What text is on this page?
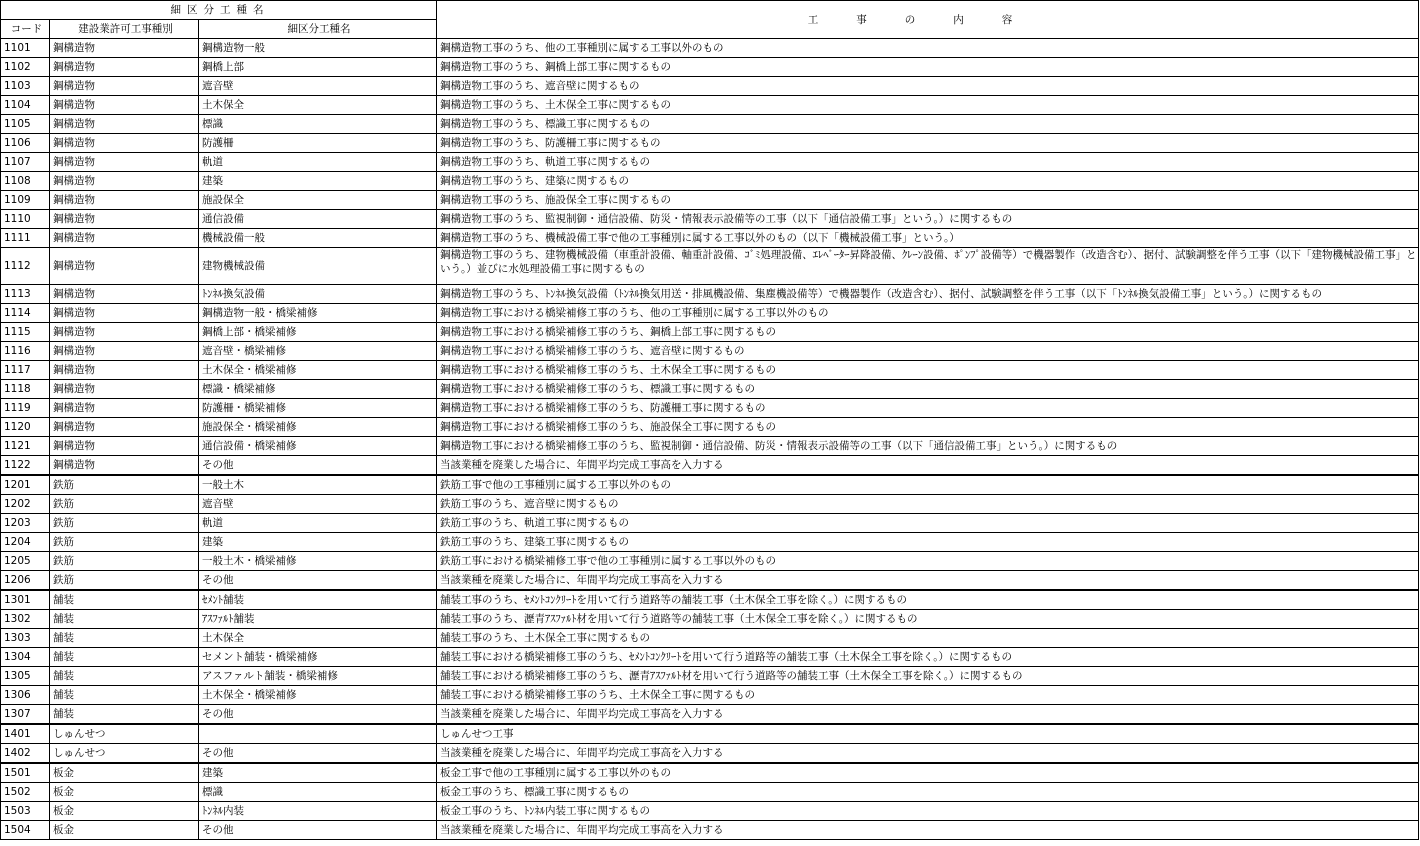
細区分工種名			工事の内容
コード	建設業許可工事種別	細区分工種名	
1101	鋼構造物	鋼構造物一般	鋼構造物工事のうち、他の工事種別に属する工事以外のもの
1102	鋼構造物	鋼橋上部	鋼構造物工事のうち、鋼橋上部工事に関するもの
1103	鋼構造物	遮音壁	鋼構造物工事のうち、遮音壁に関するもの
1104	鋼構造物	土木保全	鋼構造物工事のうち、土木保全工事に関するもの
1105	鋼構造物	標識	鋼構造物工事のうち、標識工事に関するもの
1106	鋼構造物	防護柵	鋼構造物工事のうち、防護柵工事に関するもの
1107	鋼構造物	軌道	鋼構造物工事のうち、軌道工事に関するもの
1108	鋼構造物	建築	鋼構造物工事のうち、建築に関するもの
1109	鋼構造物	施設保全	鋼構造物工事のうち、施設保全工事に関するもの
1110	鋼構造物	通信設備	鋼構造物工事のうち、監視制御・通信設備、防災・情報表示設備等の工事（以下「通信設備工事」という。）に関するもの
1111	鋼構造物	機械設備一般	鋼構造物工事のうち、機械設備工事で他の工事種別に属する工事以外のもの（以下「機械設備工事」という。）
1112	鋼構造物	建物機械設備	鋼構造物工事のうち、建物機械設備（車重計設備、軸重計設備、ｺﾞﾐ処理設備、ｴﾚﾍﾞｰﾀｰ昇降設備、ｸﾚｰﾝ設備、ﾎﾟﾝﾌﾟ設備等）で機器製作（改造含む）、据付、試験調整を伴う工事（以下「建物機械設備工事」という。）並びに水処理設備工事に関するもの
1113	鋼構造物	ﾄﾝﾈﾙ換気設備	鋼構造物工事のうち、ﾄﾝﾈﾙ換気設備（ﾄﾝﾈﾙ換気用送・排風機設備、集塵機設備等）で機器製作（改造含む）、据付、試験調整を伴う工事（以下「ﾄﾝﾈﾙ換気設備工事」という。）に関するもの
1114	鋼構造物	鋼構造物一般・橋梁補修	鋼構造物工事における橋梁補修工事のうち、他の工事種別に属する工事以外のもの
1115	鋼構造物	鋼橋上部・橋梁補修	鋼構造物工事における橋梁補修工事のうち、鋼橋上部工事に関するもの
1116	鋼構造物	遮音壁・橋梁補修	鋼構造物工事における橋梁補修工事のうち、遮音壁に関するもの
1117	鋼構造物	土木保全・橋梁補修	鋼構造物工事における橋梁補修工事のうち、土木保全工事に関するもの
1118	鋼構造物	標識・橋梁補修	鋼構造物工事における橋梁補修工事のうち、標識工事に関するもの
1119	鋼構造物	防護柵・橋梁補修	鋼構造物工事における橋梁補修工事のうち、防護柵工事に関するもの
1120	鋼構造物	施設保全・橋梁補修	鋼構造物工事における橋梁補修工事のうち、施設保全工事に関するもの
1121	鋼構造物	通信設備・橋梁補修	鋼構造物工事における橋梁補修工事のうち、監視制御・通信設備、防災・情報表示設備等の工事（以下「通信設備工事」という。）に関するもの
1122	鋼構造物	その他	当該業種を廃業した場合に、年間平均完成工事高を入力する
1201	鉄筋	一般土木	鉄筋工事で他の工事種別に属する工事以外のもの
1202	鉄筋	遮音壁	鉄筋工事のうち、遮音壁に関するもの
1203	鉄筋	軌道	鉄筋工事のうち、軌道工事に関するもの
1204	鉄筋	建築	鉄筋工事のうち、建築工事に関するもの
1205	鉄筋	一般土木・橋梁補修	鉄筋工事における橋梁補修工事で他の工事種別に属する工事以外のもの
1206	鉄筋	その他	当該業種を廃業した場合に、年間平均完成工事高を入力する
1301	舗装	ｾﾒﾝﾄ舗装	舗装工事のうち、ｾﾒﾝﾄｺﾝｸﾘｰﾄを用いて行う道路等の舗装工事（土木保全工事を除く。）に関するもの
1302	舗装	ｱｽﾌｧﾙﾄ舗装	舗装工事のうち、瀝青ｱｽﾌｧﾙﾄ材を用いて行う道路等の舗装工事（土木保全工事を除く。）に関するもの
1303	舗装	土木保全	舗装工事のうち、土木保全工事に関するもの
1304	舗装	セメント舗装・橋梁補修	舗装工事における橋梁補修工事のうち、ｾﾒﾝﾄｺﾝｸﾘｰﾄを用いて行う道路等の舗装工事（土木保全工事を除く。）に関するもの
1305	舗装	アスファルト舗装・橋梁補修	舗装工事における橋梁補修工事のうち、瀝青ｱｽﾌｧﾙﾄ材を用いて行う道路等の舗装工事（土木保全工事を除く。）に関するもの
1306	舗装	土木保全・橋梁補修	舗装工事における橋梁補修工事のうち、土木保全工事に関するもの
1307	舗装	その他	当該業種を廃業した場合に、年間平均完成工事高を入力する
1401	しゅんせつ		しゅんせつ工事
1402	しゅんせつ	その他	当該業種を廃業した場合に、年間平均完成工事高を入力する
1501	板金	建築	板金工事で他の工事種別に属する工事以外のもの
1502	板金	標識	板金工事のうち、標識工事に関するもの
1503	板金	ﾄﾝﾈﾙ内装	板金工事のうち、ﾄﾝﾈﾙ内装工事に関するもの
1504	板金	その他	当該業種を廃業した場合に、年間平均完成工事高を入力する
